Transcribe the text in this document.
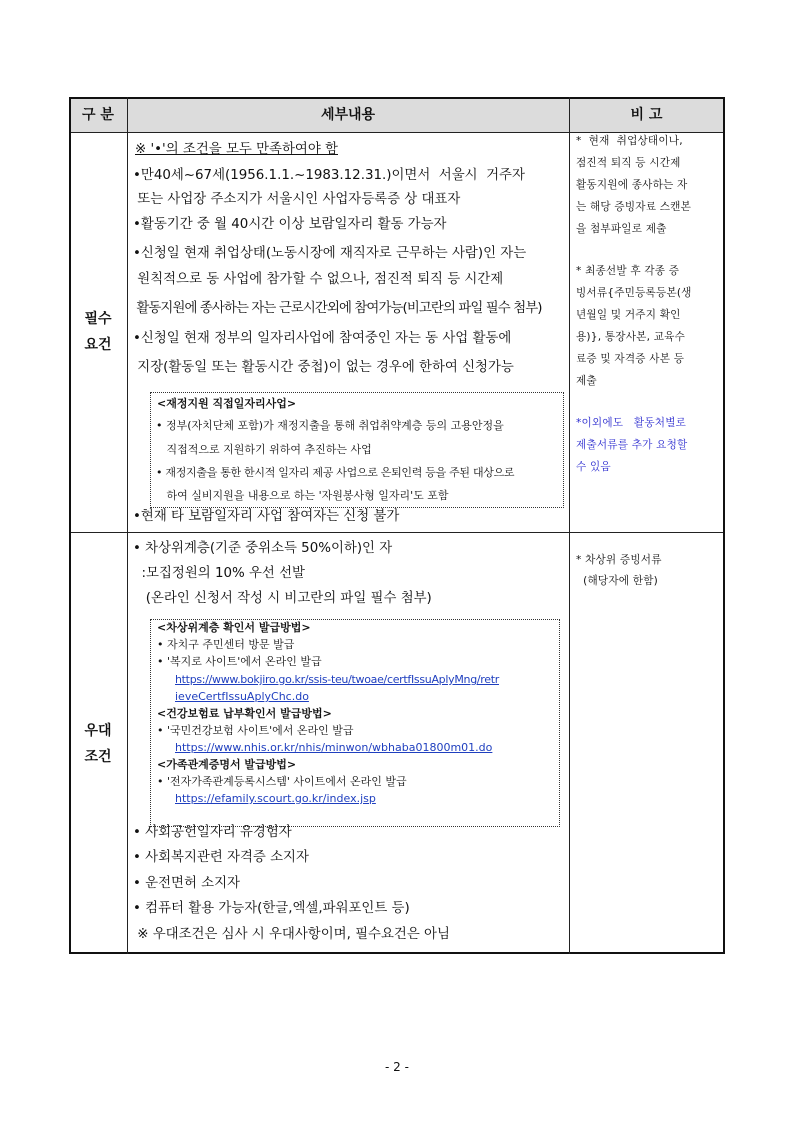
구 분	세부내용	비 고
필수
요건
※ '•'의 조건을 모두 만족하여야 함
•만40세~67세(1956.1.1.~1983.12.31.)이면서  서울시  거주자
또는 사업장 주소지가 서울시인 사업자등록증 상 대표자
•활동기간 중 월 40시간 이상 보람일자리 활동 가능자
•신청일 현재 취업상태(노동시장에 재직자로 근무하는 사람)인 자는
원칙적으로 동 사업에 참가할 수 없으나, 점진적 퇴직 등 시간제
활동지원에 종사하는 자는 근로시간외에 참여가능(비고란의 파일 필수 첨부)
•신청일 현재 정부의 일자리사업에 참여중인 자는 동 사업 활동에
지장(활동일 또는 활동시간 중첩)이 없는 경우에 한하여 신청가능
<재정지원 직접일자리사업>
• 정부(자치단체 포함)가 재정지출을 통해 취업취약계층 등의 고용안정을
직접적으로 지원하기 위하여 추진하는 사업
• 재정지출을 통한 한시적 일자리 제공 사업으로 은퇴인력 등을 주된 대상으로
하여 실비지원을 내용으로 하는 '자원봉사형 일자리'도 포함
•현재 타 보람일자리 사업 참여자는 신청 불가
*  현재  취업상태이나,
점진적 퇴직 등 시간제
활동지원에 종사하는 자
는 해당 증빙자료 스캔본
을 첨부파일로 제출
* 최종선발 후 각종 증
빙서류{주민등록등본(생
년월일 및 거주지 확인
용)}, 통장사본, 교육수
료증 및 자격증 사본 등
제출
*이외에도   활동처별로
제출서류를 추가 요청할
수 있음
우대
조건
• 차상위계층(기준 중위소득 50%이하)인 자
:모집정원의 10% 우선 선발
(온라인 신청서 작성 시 비고란의 파일 필수 첨부)
<차상위계층 확인서 발급방법>
• 자치구 주민센터 방문 발급
• '복지로 사이트'에서 온라인 발급
https://www.bokjiro.go.kr/ssis-teu/twoae/certfIssuAplyMng/retr
ieveCertfIssuAplyChc.do
<건강보험료 납부확인서 발급방법>
• '국민건강보험 사이트'에서 온라인 발급
https://www.nhis.or.kr/nhis/minwon/wbhaba01800m01.do
<가족관계증명서 발급방법>
• '전자가족관계등록시스템' 사이트에서 온라인 발급
https://efamily.scourt.go.kr/index.jsp
• 사회공헌일자리 유경험자
• 사회복지관련 자격증 소지자
• 운전면허 소지자
• 컴퓨터 활용 가능자(한글,엑셀,파워포인트 등)
※ 우대조건은 심사 시 우대사항이며, 필수요건은 아님
* 차상위 증빙서류
(해당자에 한함)
- 2 -
